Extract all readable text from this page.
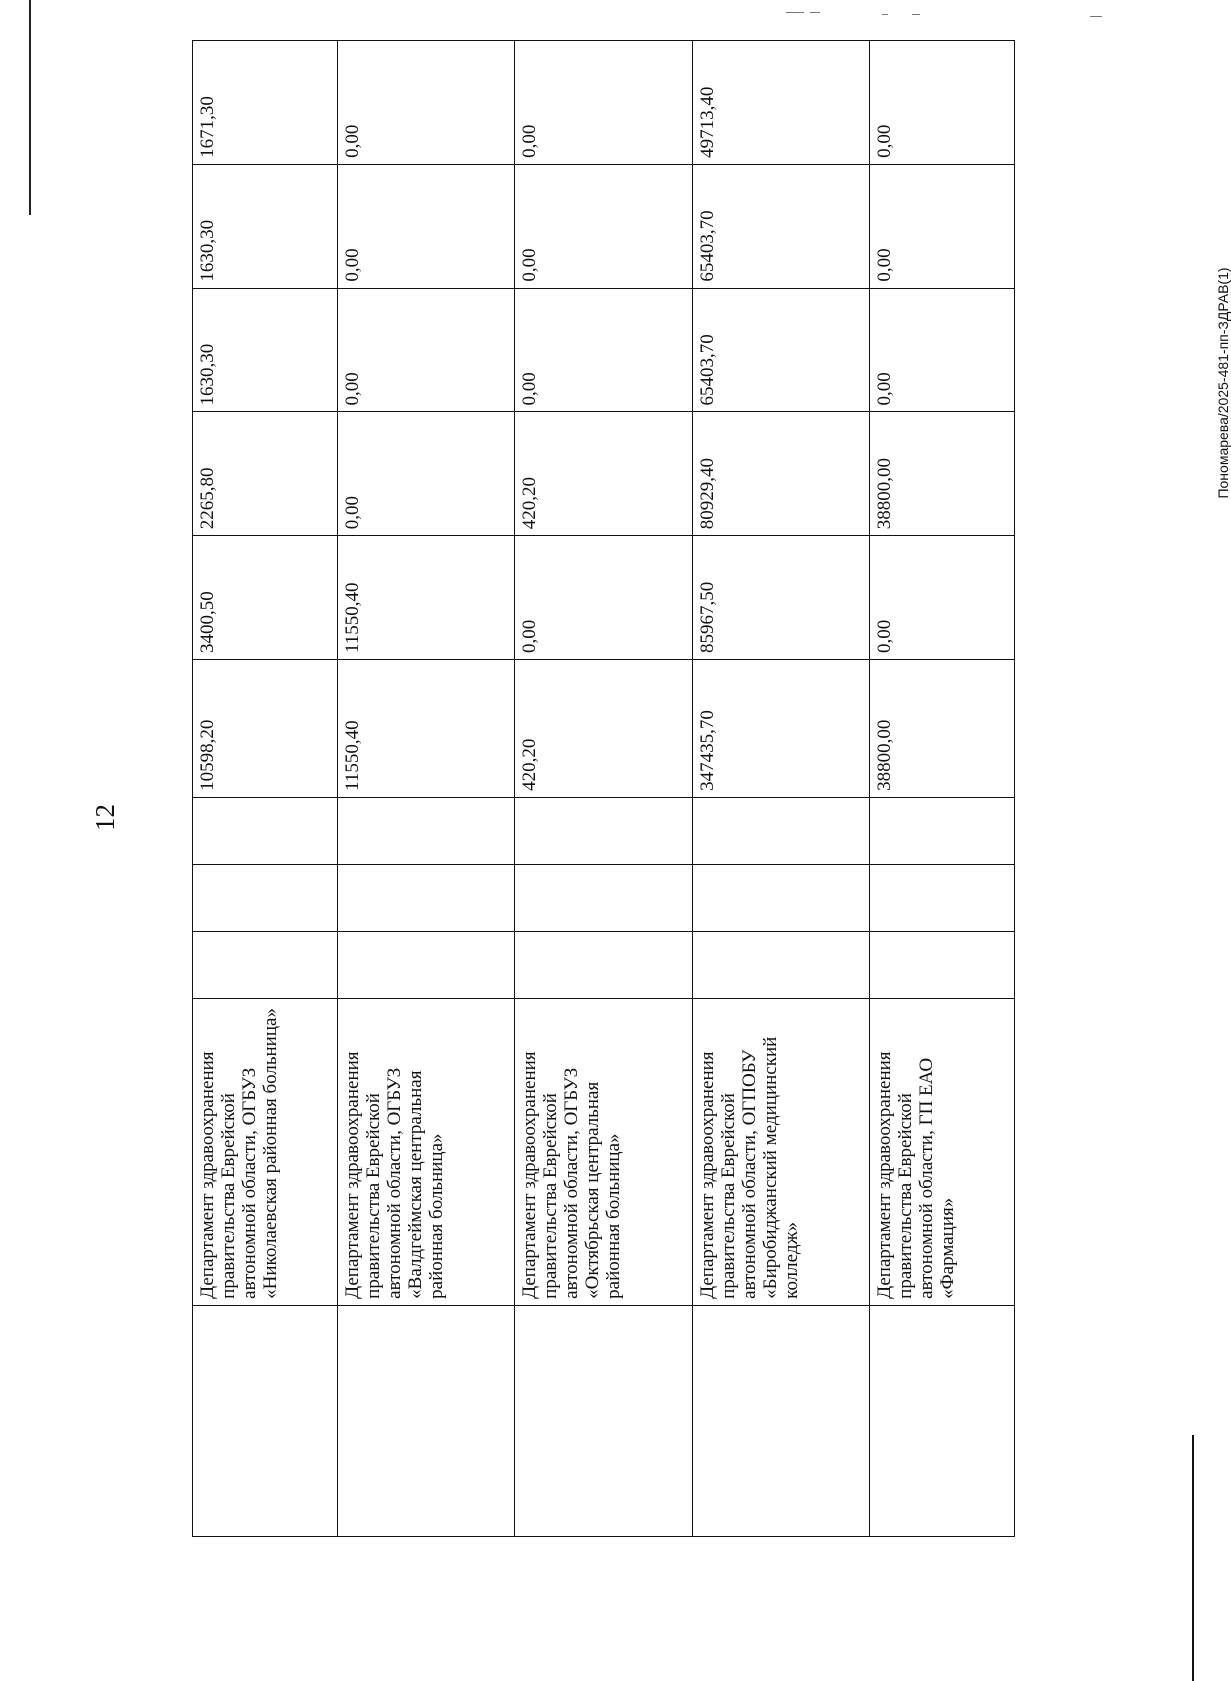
12
Пономарева/2025-481-пп-ЗДРАВ(1)
	Департамент здравоохранения правительства Еврейской автономной области, ОГБУЗ «Николаевская районная больница»				10598,20	3400,50	2265,80	1630,30	1630,30	1671,30
	Департамент здравоохранения правительства Еврейской автономной области, ОГБУЗ «Валдгеймская центральная районная больница»				11550,40	11550,40	0,00	0,00	0,00	0,00
	Департамент здравоохранения правительства Еврейской автономной области, ОГБУЗ «Октябрьская центральная районная больница»				420,20	0,00	420,20	0,00	0,00	0,00
	Департамент здравоохранения правительства Еврейской автономной области, ОГПОБУ «Биробиджанский медицинский колледж»				347435,70	85967,50	80929,40	65403,70	65403,70	49713,40
	Департамент здравоохранения правительства Еврейской автономной области, ГП ЕАО «Фармация»				38800,00	0,00	38800,00	0,00	0,00	0,00
